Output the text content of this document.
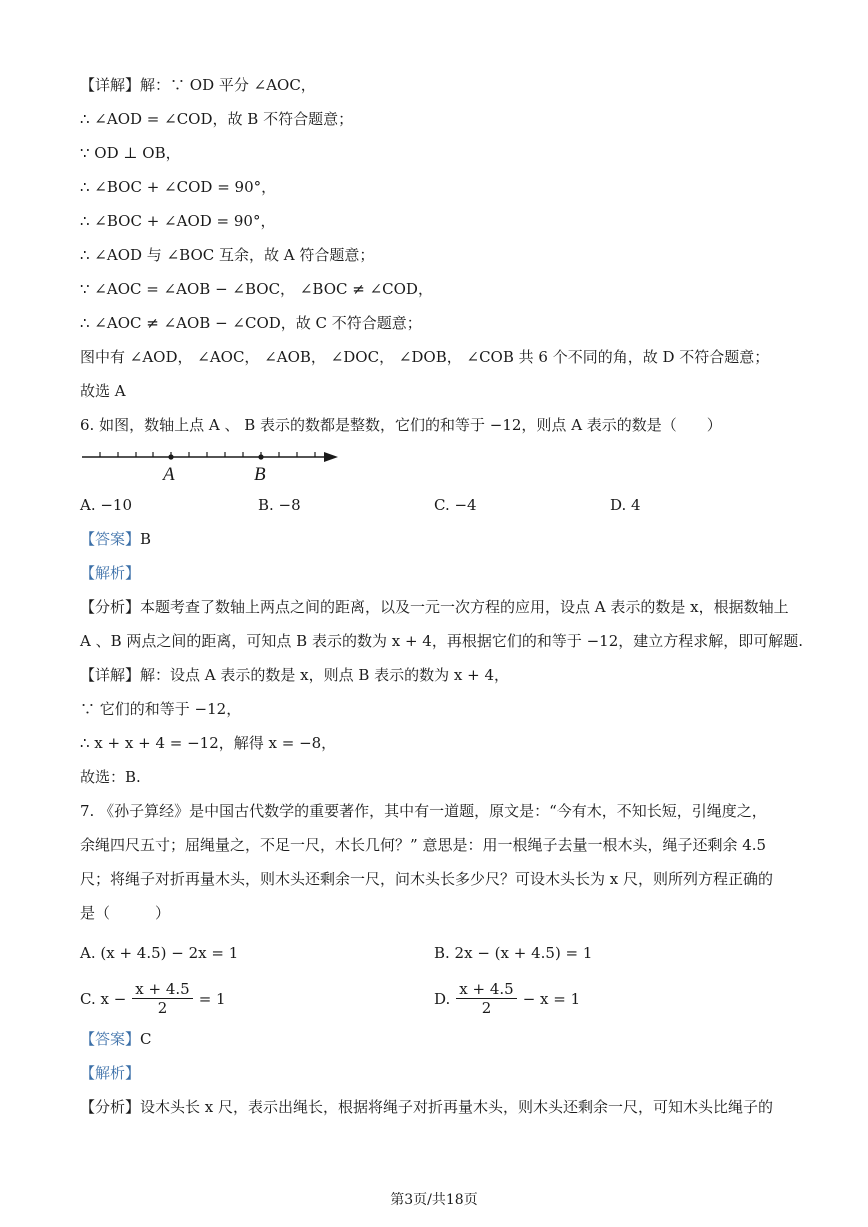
【详解】解：∵ OD 平分 ∠AOC，
∴ ∠AOD = ∠COD，故 B 不符合题意；
∵ OD ⊥ OB，
∴ ∠BOC + ∠COD = 90°，
∴ ∠BOC + ∠AOD = 90°，
∴ ∠AOD 与 ∠BOC 互余，故 A 符合题意；
∵ ∠AOC = ∠AOB − ∠BOC， ∠BOC ≠ ∠COD，
∴ ∠AOC ≠ ∠AOB − ∠COD，故 C 不符合题意；
图中有 ∠AOD， ∠AOC， ∠AOB， ∠DOC， ∠DOB， ∠COB 共 6 个不同的角，故 D 不符合题意；
故选 A
6. 如图，数轴上点 A 、 B 表示的数都是整数，它们的和等于 −12，则点 A 表示的数是（　　）
A	B
A. −10	B. −8	C. −4	D. 4
【答案】B
【解析】
【分析】本题考查了数轴上两点之间的距离，以及一元一次方程的应用，设点 A 表示的数是 x，根据数轴上
A 、B 两点之间的距离，可知点 B 表示的数为 x + 4，再根据它们的和等于 −12，建立方程求解，即可解题.
【详解】解：设点 A 表示的数是 x，则点 B 表示的数为 x + 4，
∵ 它们的和等于 −12，
∴ x + x + 4 = −12，解得 x = −8，
故选：B.
7. 《孙子算经》是中国古代数学的重要著作，其中有一道题，原文是：“今有木，不知长短，引绳度之，
余绳四尺五寸；屈绳量之，不足一尺，木长几何？” 意思是：用一根绳子去量一根木头，绳子还剩余 4.5
尺；将绳子对折再量木头，则木头还剩余一尺，问木头长多少尺？可设木头长为 x 尺，则所列方程正确的
是（　　　）
A. (x + 4.5) − 2x = 1	B. 2x − (x + 4.5) = 1
C. $x - \frac{x + 4.5}{2} = 1$	D. $\frac{x + 4.5}{2} - x = 1$
【答案】C
【解析】
【分析】设木头长 x 尺，表示出绳长，根据将绳子对折再量木头，则木头还剩余一尺，可知木头比绳子的
第3页/共18页
